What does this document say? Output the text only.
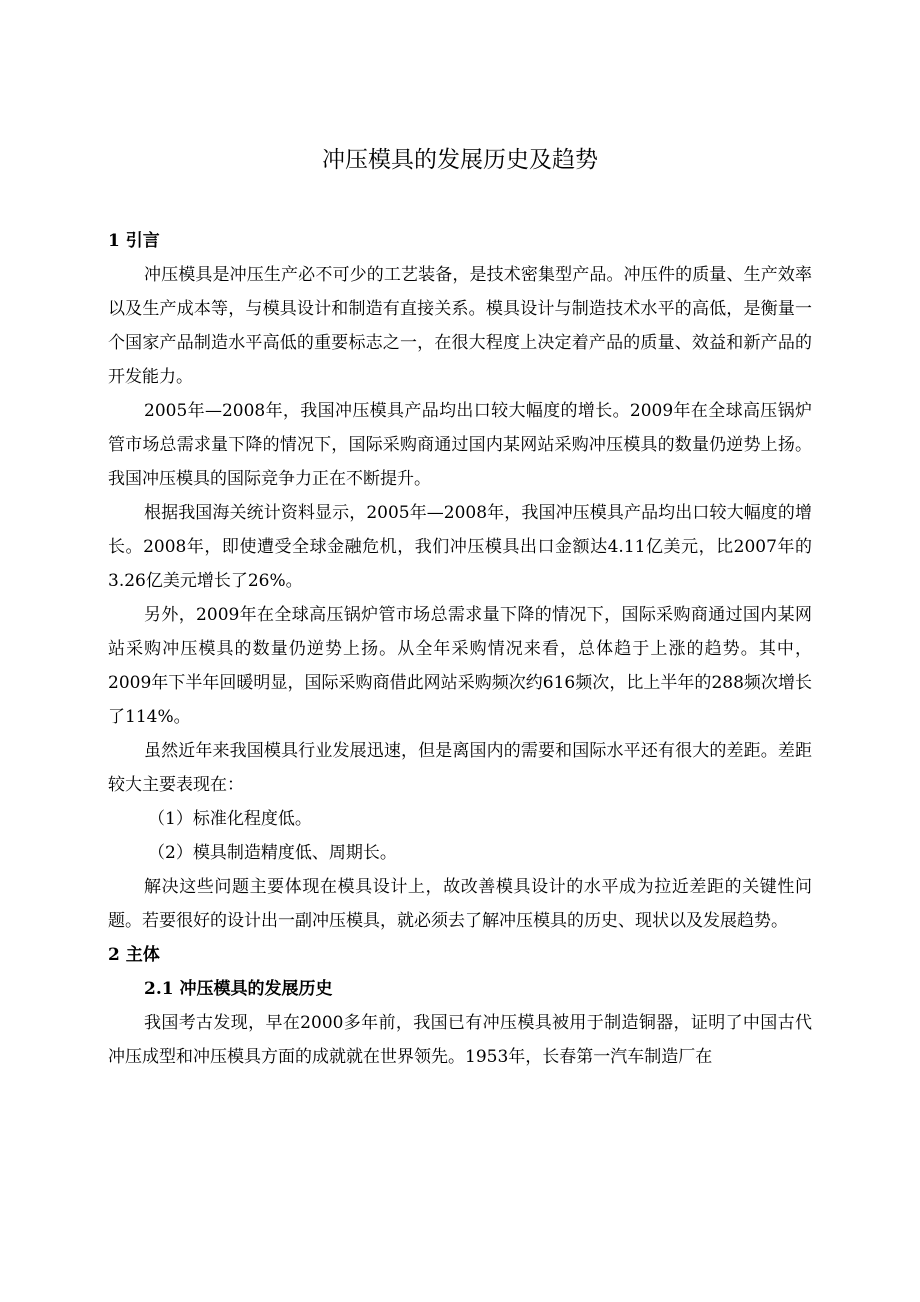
冲压模具的发展历史及趋势

1 引言

冲压模具是冲压生产必不可少的工艺装备，是技术密集型产品。冲压件的质量、生产效率以及生产成本等，与模具设计和制造有直接关系。模具设计与制造技术水平的高低，是衡量一个国家产品制造水平高低的重要标志之一，在很大程度上决定着产品的质量、效益和新产品的开发能力。

2005年—2008年，我国冲压模具产品均出口较大幅度的增长。2009年在全球高压锅炉管市场总需求量下降的情况下，国际采购商通过国内某网站采购冲压模具的数量仍逆势上扬。我国冲压模具的国际竞争力正在不断提升。

根据我国海关统计资料显示，2005年—2008年，我国冲压模具产品均出口较大幅度的增长。2008年，即使遭受全球金融危机，我们冲压模具出口金额达4.11亿美元，比2007年的3.26亿美元增长了26%。

另外，2009年在全球高压锅炉管市场总需求量下降的情况下，国际采购商通过国内某网站采购冲压模具的数量仍逆势上扬。从全年采购情况来看，总体趋于上涨的趋势。其中，2009年下半年回暖明显，国际采购商借此网站采购频次约616频次，比上半年的288频次增长了114%。

虽然近年来我国模具行业发展迅速，但是离国内的需要和国际水平还有很大的差距。差距较大主要表现在：

（1）标准化程度低。

（2）模具制造精度低、周期长。

解决这些问题主要体现在模具设计上，故改善模具设计的水平成为拉近差距的关键性问题。若要很好的设计出一副冲压模具，就必须去了解冲压模具的历史、现状以及发展趋势。

2 主体

2.1 冲压模具的发展历史

我国考古发现，早在2000多年前，我国已有冲压模具被用于制造铜器，证明了中国古代冲压成型和冲压模具方面的成就就在世界领先。1953年，长春第一汽车制造厂在
